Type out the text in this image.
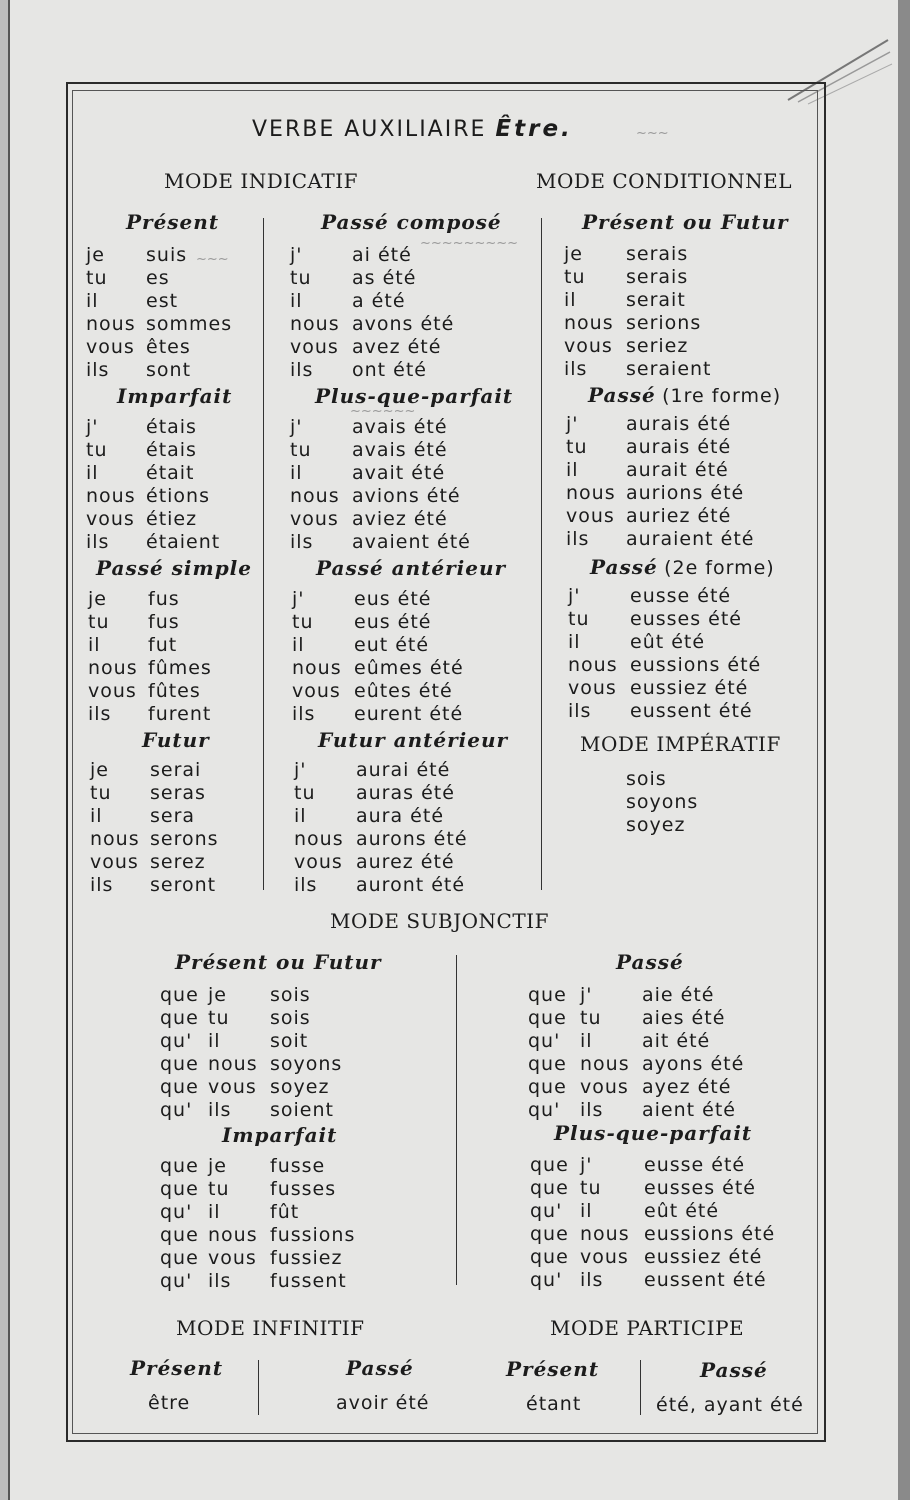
~~~
~~~~~~~~~
~~~~~~
~~~
VERBE AUXILIAIRE Être.
MODE INDICATIF	MODE CONDITIONNEL
Présent
Imparfait
Passé simple
Futur
je suis
tu es
il est
nous sommes
vous êtes
ils sont
j' étais
tu étais
il était
nous étions
vous étiez
ils étaient
je fus
tu fus
il fut
nous fûmes
vous fûtes
ils furent
je serai
tu seras
il sera
nous serons
vous serez
ils seront
Passé composé
Plus-que-parfait
Passé antérieur
Futur antérieur
j'	ai été
tu as été
il	a été
nous avons été
vous avez été
ils ont été
j'	avais été
tu avais été
il	avait été
nous avions été
vous aviez été
ils avaient été
j'	eus été
tu eus été
il	eut été
nous eûmes été
vous eûtes été
ils eurent été
j'	aurai été
tu auras été
il	aura été
nous aurons été
vous aurez été
ils auront été
Présent ou Futur
Passé (1re forme)
Passé (2e forme)
je serais
tu serais
il	serait
nous serions
vous seriez
ils seraient
j' aurais été
tu aurais été
il aurait été
nous aurions été
vous auriez été
ils auraient été
j'	eusse été
tu eusses été
il	eût été
nous eussions été
vous eussiez été
ils eussent été
MODE IMPÉRATIF
sois
soyons
soyez
MODE SUBJONCTIF
Présent ou Futur
Imparfait
Passé
Plus-que-parfait
que je sois
que tu sois
qu' il	soit
que nous soyons
que vous soyez
qu' ils soient
que je fusse
que tu fusses
qu' il	fût
que nous fussions
que vous fussiez
qu' ils fussent
que j'	aie été
que tu aies été
qu' il	ait été
que nous ayons été
que vous ayez été
qu' ils aient été
que j'	eusse été
que tu eusses été
qu' il	eût été
que nous eussions été
que vous eussiez été
qu' ils eussent été
MODE INFINITIF	MODE PARTICIPE
Présent
être
Passé
avoir été
Présent
étant
Passé
été, ayant été
